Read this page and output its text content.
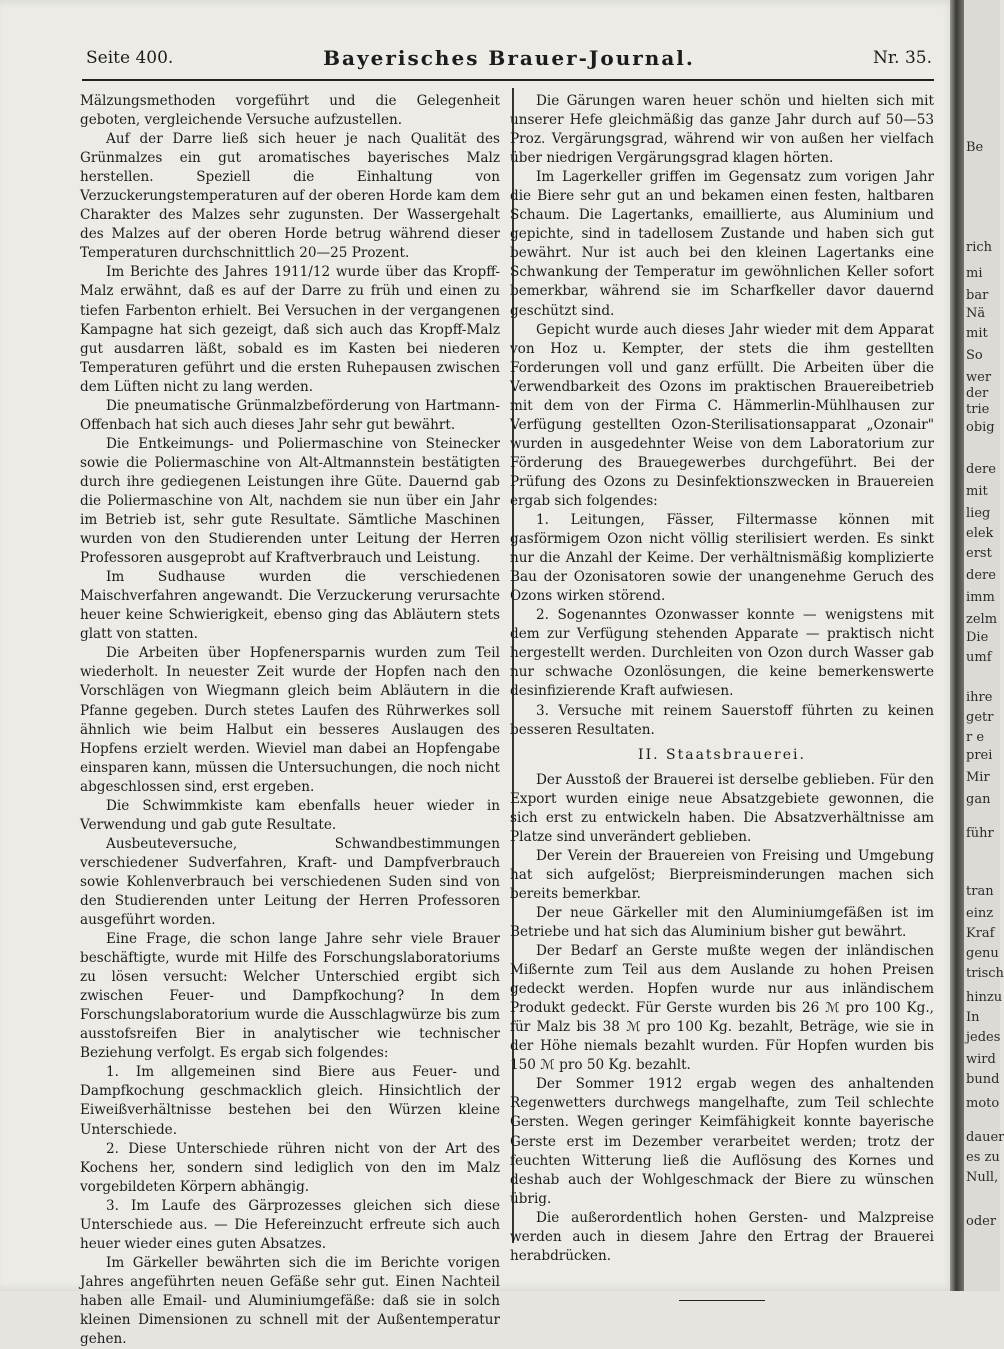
Seite 400.	Bayerisches Brauer-Journal.	Nr. 35.

Mälzungsmethoden vorgeführt und die Gelegenheit geboten, vergleichende Versuche aufzustellen.

Auf der Darre ließ sich heuer je nach Qualität des Grünmalzes ein gut aromatisches bayerisches Malz herstellen. Speziell die Einhaltung von Verzuckerungstemperaturen auf der oberen Horde kam dem Charakter des Malzes sehr zugunsten. Der Wassergehalt des Malzes auf der oberen Horde betrug während dieser Temperaturen durchschnittlich 20—25 Prozent.

Im Berichte des Jahres 1911/12 wurde über das Kropff-Malz erwähnt, daß es auf der Darre zu früh und einen zu tiefen Farbenton erhielt. Bei Versuchen in der vergangenen Kampagne hat sich gezeigt, daß sich auch das Kropff-Malz gut ausdarren läßt, sobald es im Kasten bei niederen Temperaturen geführt und die ersten Ruhepausen zwischen dem Lüften nicht zu lang werden.

Die pneumatische Grünmalzbeförderung von Hartmann-Offenbach hat sich auch dieses Jahr sehr gut bewährt.

Die Entkeimungs- und Poliermaschine von Steinecker sowie die Poliermaschine von Alt-Altmannstein bestätigten durch ihre gediegenen Leistungen ihre Güte. Dauernd gab die Poliermaschine von Alt, nachdem sie nun über ein Jahr im Betrieb ist, sehr gute Resultate. Sämtliche Maschinen wurden von den Studierenden unter Leitung der Herren Professoren ausgeprobt auf Kraftverbrauch und Leistung.

Im Sudhause wurden die verschiedenen Maischverfahren angewandt. Die Verzuckerung verursachte heuer keine Schwierigkeit, ebenso ging das Abläutern stets glatt von statten.

Die Arbeiten über Hopfenersparnis wurden zum Teil wiederholt. In neuester Zeit wurde der Hopfen nach den Vorschlägen von Wiegmann gleich beim Abläutern in die Pfanne gegeben. Durch stetes Laufen des Rührwerkes soll ähnlich wie beim Halbut ein besseres Auslaugen des Hopfens erzielt werden. Wieviel man dabei an Hopfengabe einsparen kann, müssen die Untersuchungen, die noch nicht abgeschlossen sind, erst ergeben.

Die Schwimmkiste kam ebenfalls heuer wieder in Verwendung und gab gute Resultate.

Ausbeuteversuche, Schwandbestimmungen verschiedener Sudverfahren, Kraft- und Dampfverbrauch sowie Kohlenverbrauch bei verschiedenen Suden sind von den Studierenden unter Leitung der Herren Professoren ausgeführt worden.

Eine Frage, die schon lange Jahre sehr viele Brauer beschäftigte, wurde mit Hilfe des Forschungslaboratoriums zu lösen versucht: Welcher Unterschied ergibt sich zwischen Feuer- und Dampfkochung? In dem Forschungslaboratorium wurde die Ausschlagwürze bis zum ausstofsreifen Bier in analytischer wie technischer Beziehung verfolgt. Es ergab sich folgendes:

1. Im allgemeinen sind Biere aus Feuer- und Dampfkochung geschmacklich gleich. Hinsichtlich der Eiweißverhältnisse bestehen bei den Würzen kleine Unterschiede.

2. Diese Unterschiede rühren nicht von der Art des Kochens her, sondern sind lediglich von den im Malz vorgebildeten Körpern abhängig.

3. Im Laufe des Gärprozesses gleichen sich diese Unterschiede aus. — Die Hefereinzucht erfreute sich auch heuer wieder eines guten Absatzes.

Im Gärkeller bewährten sich die im Berichte vorigen Jahres angeführten neuen Gefäße sehr gut. Einen Nachteil haben alle Email- und Aluminiumgefäße: daß sie in solch kleinen Dimensionen zu schnell mit der Außentemperatur gehen.

Die Gärungen waren heuer schön und hielten sich mit unserer Hefe gleichmäßig das ganze Jahr durch auf 50—53 Proz. Vergärungsgrad, während wir von außen her vielfach über niedrigen Vergärungsgrad klagen hörten.

Im Lagerkeller griffen im Gegensatz zum vorigen Jahr die Biere sehr gut an und bekamen einen festen, haltbaren Schaum. Die Lagertanks, emaillierte, aus Aluminium und gepichte, sind in tadellosem Zustande und haben sich gut bewährt. Nur ist auch bei den kleinen Lagertanks eine Schwankung der Temperatur im gewöhnlichen Keller sofort bemerkbar, während sie im Scharfkeller davor dauernd geschützt sind.

Gepicht wurde auch dieses Jahr wieder mit dem Apparat von Hoz u. Kempter, der stets die ihm gestellten Forderungen voll und ganz erfüllt. Die Arbeiten über die Verwendbarkeit des Ozons im praktischen Brauereibetrieb mit dem von der Firma C. Hämmerlin-Mühlhausen zur Verfügung gestellten Ozon-Sterilisationsapparat „Ozonair" wurden in ausgedehnter Weise von dem Laboratorium zur Förderung des Brauegewerbes durchgeführt. Bei der Prüfung des Ozons zu Desinfektionszwecken in Brauereien ergab sich folgendes:

1. Leitungen, Fässer, Filtermasse können mit gasförmigem Ozon nicht völlig sterilisiert werden. Es sinkt nur die Anzahl der Keime. Der verhältnismäßig komplizierte Bau der Ozonisatoren sowie der unangenehme Geruch des Ozons wirken störend.

2. Sogenanntes Ozonwasser konnte — wenigstens mit dem zur Verfügung stehenden Apparate — praktisch nicht hergestellt werden. Durchleiten von Ozon durch Wasser gab nur schwache Ozonlösungen, die keine bemerkenswerte desinfizierende Kraft aufwiesen.

3. Versuche mit reinem Sauerstoff führten zu keinen besseren Resultaten.

II. Staatsbrauerei.

Der Ausstoß der Brauerei ist derselbe geblieben. Für den Export wurden einige neue Absatzgebiete gewonnen, die sich erst zu entwickeln haben. Die Absatzverhältnisse am Platze sind unverändert geblieben.

Der Verein der Brauereien von Freising und Umgebung hat sich aufgelöst; Bierpreisminderungen machen sich bereits bemerkbar.

Der neue Gärkeller mit den Aluminiumgefäßen ist im Betriebe und hat sich das Aluminium bisher gut bewährt.

Der Bedarf an Gerste mußte wegen der inländischen Mißernte zum Teil aus dem Auslande zu hohen Preisen gedeckt werden. Hopfen wurde nur aus inländischem Produkt gedeckt. Für Gerste wurden bis 26 ℳ pro 100 Kg., für Malz bis 38 ℳ pro 100 Kg. bezahlt, Beträge, wie sie in der Höhe niemals bezahlt wurden. Für Hopfen wurden bis 150 ℳ pro 50 Kg. bezahlt.

Der Sommer 1912 ergab wegen des anhaltenden Regenwetters durchwegs mangelhafte, zum Teil schlechte Gersten. Wegen geringer Keimfähigkeit konnte bayerische Gerste erst im Dezember verarbeitet werden; trotz der feuchten Witterung ließ die Auflösung des Kornes und deshab auch der Wohlgeschmack der Biere zu wünschen übrig.

Die außerordentlich hohen Gersten- und Malzpreise werden auch in diesem Jahre den Ertrag der Brauerei herabdrücken.

Be
rich
mi
bar
Nä
mit
So
wer
der
trie
obig
dere
mit
lieg
elek
erst
dere
imm
zelm
Die
umf
ihre
getr
r e
prei
Mir
gan
führ
tran
einz
Kraf
genu
trisch
hinzu
In
jedes
wird
bund
moto
dauer
es zu
Null,
oder
